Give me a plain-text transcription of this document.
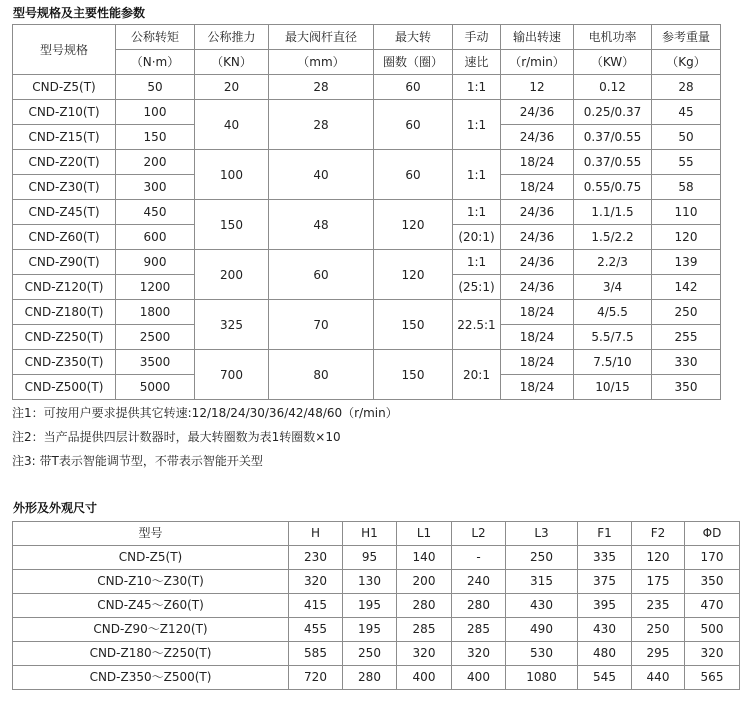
型号规格及主要性能参数
型号规格	公称转矩	公称推力	最大阀杆直径	最大转	手动	输出转速	电机功率	参考重量
	（N·m）	（KN）	（mm）	圈数（圈）	速比	（r/min）	（KW）	（Kg）
CND-Z5(T)	50	20	28	60	1:1	12	0.12	28
CND-Z10(T)	100	40	28	60	1:1	24/36	0.25/0.37	45
CND-Z15(T)	150					24/36	0.37/0.55	50
CND-Z20(T)	200	100	40	60	1:1	18/24	0.37/0.55	55
CND-Z30(T)	300					18/24	0.55/0.75	58
CND-Z45(T)	450	150	48	120	1:1	24/36	1.1/1.5	110
CND-Z60(T)	600				(20:1)	24/36	1.5/2.2	120
CND-Z90(T)	900	200	60	120	1:1	24/36	2.2/3	139
CND-Z120(T)	1200				(25:1)	24/36	3/4	142
CND-Z180(T)	1800	325	70	150	22.5:1	18/24	4/5.5	250
CND-Z250(T)	2500					18/24	5.5/7.5	255
CND-Z350(T)	3500	700	80	150	20:1	18/24	7.5/10	330
CND-Z500(T)	5000					18/24	10/15	350
注1：可按用户要求提供其它转速:12/18/24/30/36/42/48/60（r/min）
注2：当产品提供四层计数器时，最大转圈数为表1转圈数×10
注3: 带T表示智能调节型，不带表示智能开关型
外形及外观尺寸
型号	H	H1	L1	L2	L3	F1	F2	ΦD
CND-Z5(T)	230	95	140	-	250	335	120	170
CND-Z10～Z30(T)	320	130	200	240	315	375	175	350
CND-Z45～Z60(T)	415	195	280	280	430	395	235	470
CND-Z90～Z120(T)	455	195	285	285	490	430	250	500
CND-Z180～Z250(T)	585	250	320	320	530	480	295	320
CND-Z350～Z500(T)	720	280	400	400	1080	545	440	565
